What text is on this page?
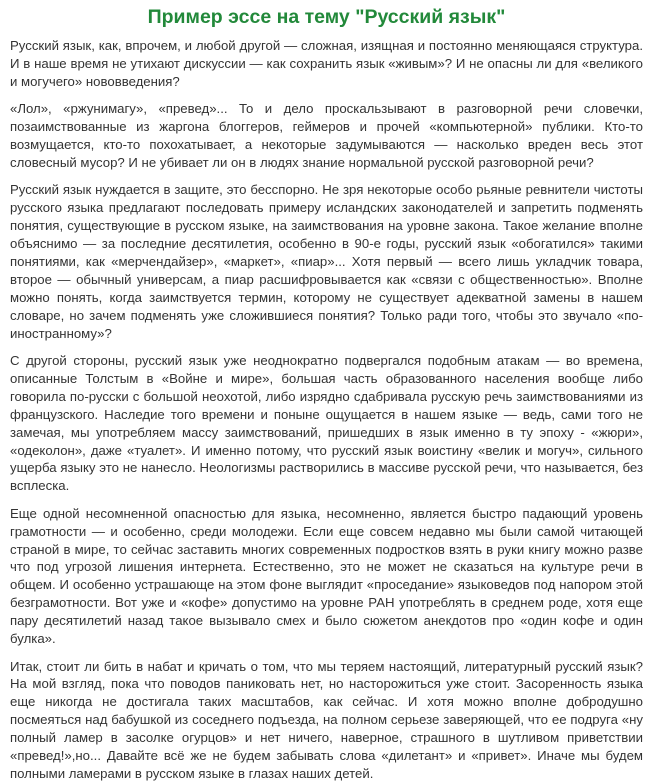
Пример эссе на тему "Русский язык"

Русский язык, как, впрочем, и любой другой — сложная, изящная и постоянно меняющаяся структура. И в наше время не утихают дискуссии — как сохранить язык «живым»? И не опасны ли для «великого и могучего» нововведения?

«Лол», «ржунимагу», «превед»... То и дело проскальзывают в разговорной речи словечки, позаимствованные из жаргона блоггеров, геймеров и прочей «компьютерной» публики. Кто-то возмущается, кто-то похохатывает, а некоторые задумываются — насколько вреден весь этот словесный мусор? И не убивает ли он в людях знание нормальной русской разговорной речи?

Русский язык нуждается в защите, это бесспорно. Не зря некоторые особо рьяные ревнители чистоты русского языка предлагают последовать примеру исландских законодателей и запретить подменять понятия, существующие в русском языке, на заимствования на уровне закона. Такое желание вполне объяснимо — за последние десятилетия, особенно в 90-е годы, русский язык «обогатился» такими понятиями, как «мерчендайзер», «маркет», «пиар»... Хотя первый — всего лишь укладчик товара, второе — обычный универсам, а пиар расшифровывается как «связи с общественностью». Вполне можно понять, когда заимствуется термин, которому не существует адекватной замены в нашем словаре, но зачем подменять уже сложившиеся понятия? Только ради того, чтобы это звучало «по-иностранному»?

С другой стороны, русский язык уже неоднократно подвергался подобным атакам — во времена, описанные Толстым в «Войне и мире», большая часть образованного населения вообще либо говорила по-русски с большой неохотой, либо изрядно сдабривала русскую речь заимствованиями из французского. Наследие того времени и поныне ощущается в нашем языке — ведь, сами того не замечая, мы употребляем массу заимствований, пришедших в язык именно в ту эпоху - «жюри», «одеколон», даже «туалет». И именно потому, что русский язык воистину «велик и могуч», сильного ущерба языку это не нанесло. Неологизмы растворились в массиве русской речи, что называется, без всплеска.

Еще одной несомненной опасностью для языка, несомненно, является быстро падающий уровень грамотности — и особенно, среди молодежи. Если еще совсем недавно мы были самой читающей страной в мире, то сейчас заставить многих современных подростков взять в руки книгу можно разве что под угрозой лишения интернета. Естественно, это не может не сказаться на культуре речи в общем. И особенно устрашающе на этом фоне выглядит «проседание» языковедов под напором этой безграмотности. Вот уже и «кофе» допустимо на уровне РАН употреблять в среднем роде, хотя еще пару десятилетий назад такое вызывало смех и было сюжетом анекдотов про «один кофе и один булка».

Итак, стоит ли бить в набат и кричать о том, что мы теряем настоящий, литературный русский язык? На мой взгляд, пока что поводов паниковать нет, но насторожиться уже стоит. Засоренность языка еще никогда не достигала таких масштабов, как сейчас. И хотя можно вполне добродушно посмеяться над бабушкой из соседнего подъезда, на полном серьезе заверяющей, что ее подруга «ну полный ламер в засолке огурцов» и нет ничего, наверное, страшного в шутливом приветствии «превед!»,но... Давайте всё же не будем забывать слова «дилетант» и «привет». Иначе мы будем полными ламерами в русском языке в глазах наших детей.
